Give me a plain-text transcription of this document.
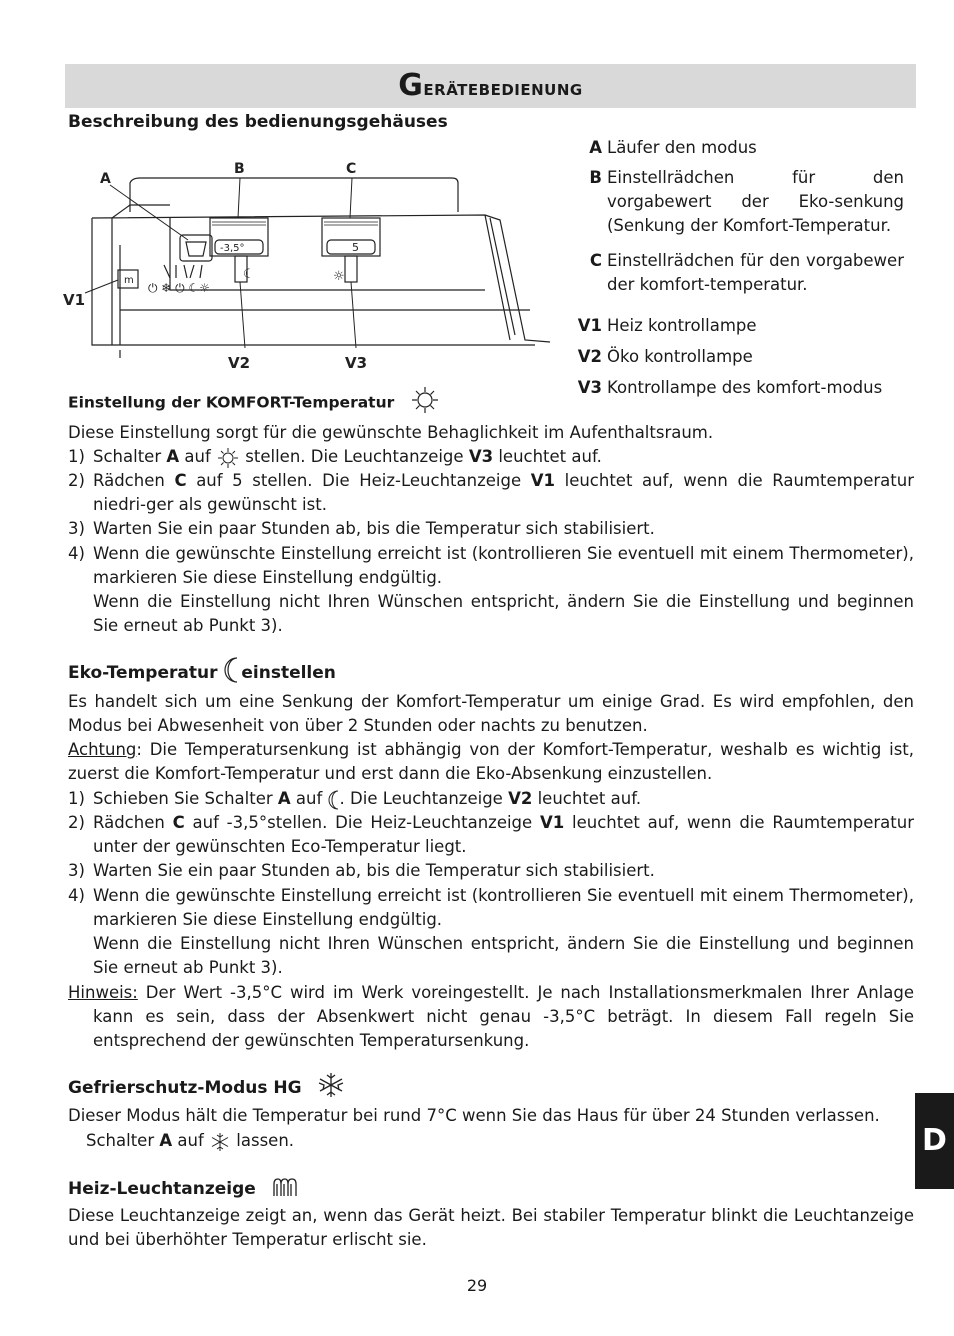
Gerätebedienung
Beschreibung des bedienungsgehäuses
⏻ ❄ ⏻ ☾☼
m	☾	☼
-3,5°	5
A
B	C
V1
V2	V3
A Läufer den modus
B Einstellrädchen für den vorgabewert der Eko-senkung (Senkung der Komfort-Temperatur.
C Einstellrädchen für den vorgabewer der komfort-temperatur.
V1 Heiz kontrollampe
V2 Öko kontrollampe
V3 Kontrollampe des komfort-modus
Einstellung der KOMFORT-Temperatur
Diese Einstellung sorgt für die gewünschte Behaglichkeit im Aufenthaltsraum.
1) Schalter A auf stellen. Die Leuchtanzeige V3 leuchtet auf.
2) Rädchen C auf 5 stellen. Die Heiz-Leuchtanzeige V1 leuchtet auf, wenn die Raumtemperatur niedri-ger als gewünscht ist.
3) Warten Sie ein paar Stunden ab, bis die Temperatur sich stabilisiert.
4) Wenn die gewünschte Einstellung erreicht ist (kontrollieren Sie eventuell mit einem Thermometer), markieren Sie diese Einstellung endgültig.
Wenn die Einstellung nicht Ihren Wünschen entspricht, ändern Sie die Einstellung und beginnen Sie erneut ab Punkt 3).
Eko-Temperatur einstellen
Es handelt sich um eine Senkung der Komfort-Temperatur um einige Grad. Es wird empfohlen, den Modus bei Abwesenheit von über 2 Stunden oder nachts zu benutzen.
Achtung: Die Temperatursenkung ist abhängig von der Komfort-Temperatur, weshalb es wichtig ist, zuerst die Komfort-Temperatur und erst dann die Eko-Absenkung einzustellen.
1) Schieben Sie Schalter A auf . Die Leuchtanzeige V2 leuchtet auf.
2) Rädchen C auf -3,5°stellen. Die Heiz-Leuchtanzeige V1 leuchtet auf, wenn die Raumtemperatur unter der gewünschten Eco-Temperatur liegt.
3) Warten Sie ein paar Stunden ab, bis die Temperatur sich stabilisiert.
4) Wenn die gewünschte Einstellung erreicht ist (kontrollieren Sie eventuell mit einem Thermometer), markieren Sie diese Einstellung endgültig.
Wenn die Einstellung nicht Ihren Wünschen entspricht, ändern Sie die Einstellung und beginnen Sie erneut ab Punkt 3).
Hinweis: Der Wert -3,5°C wird im Werk voreingestellt. Je nach Installationsmerkmalen Ihrer Anlage kann es sein, dass der Absenkwert nicht genau -3,5°C beträgt. In diesem Fall regeln Sie entsprechend der gewünschten Temperatursenkung.
Gefrierschutz-Modus HG
Dieser Modus hält die Temperatur bei rund 7°C wenn Sie das Haus für über 24 Stunden verlassen.
Schalter A auf lassen.
Heiz-Leuchtanzeige
Diese Leuchtanzeige zeigt an, wenn das Gerät heizt. Bei stabiler Temperatur blinkt die Leuchtanzeige und bei überhöhter Temperatur erlischt sie.
29
D
